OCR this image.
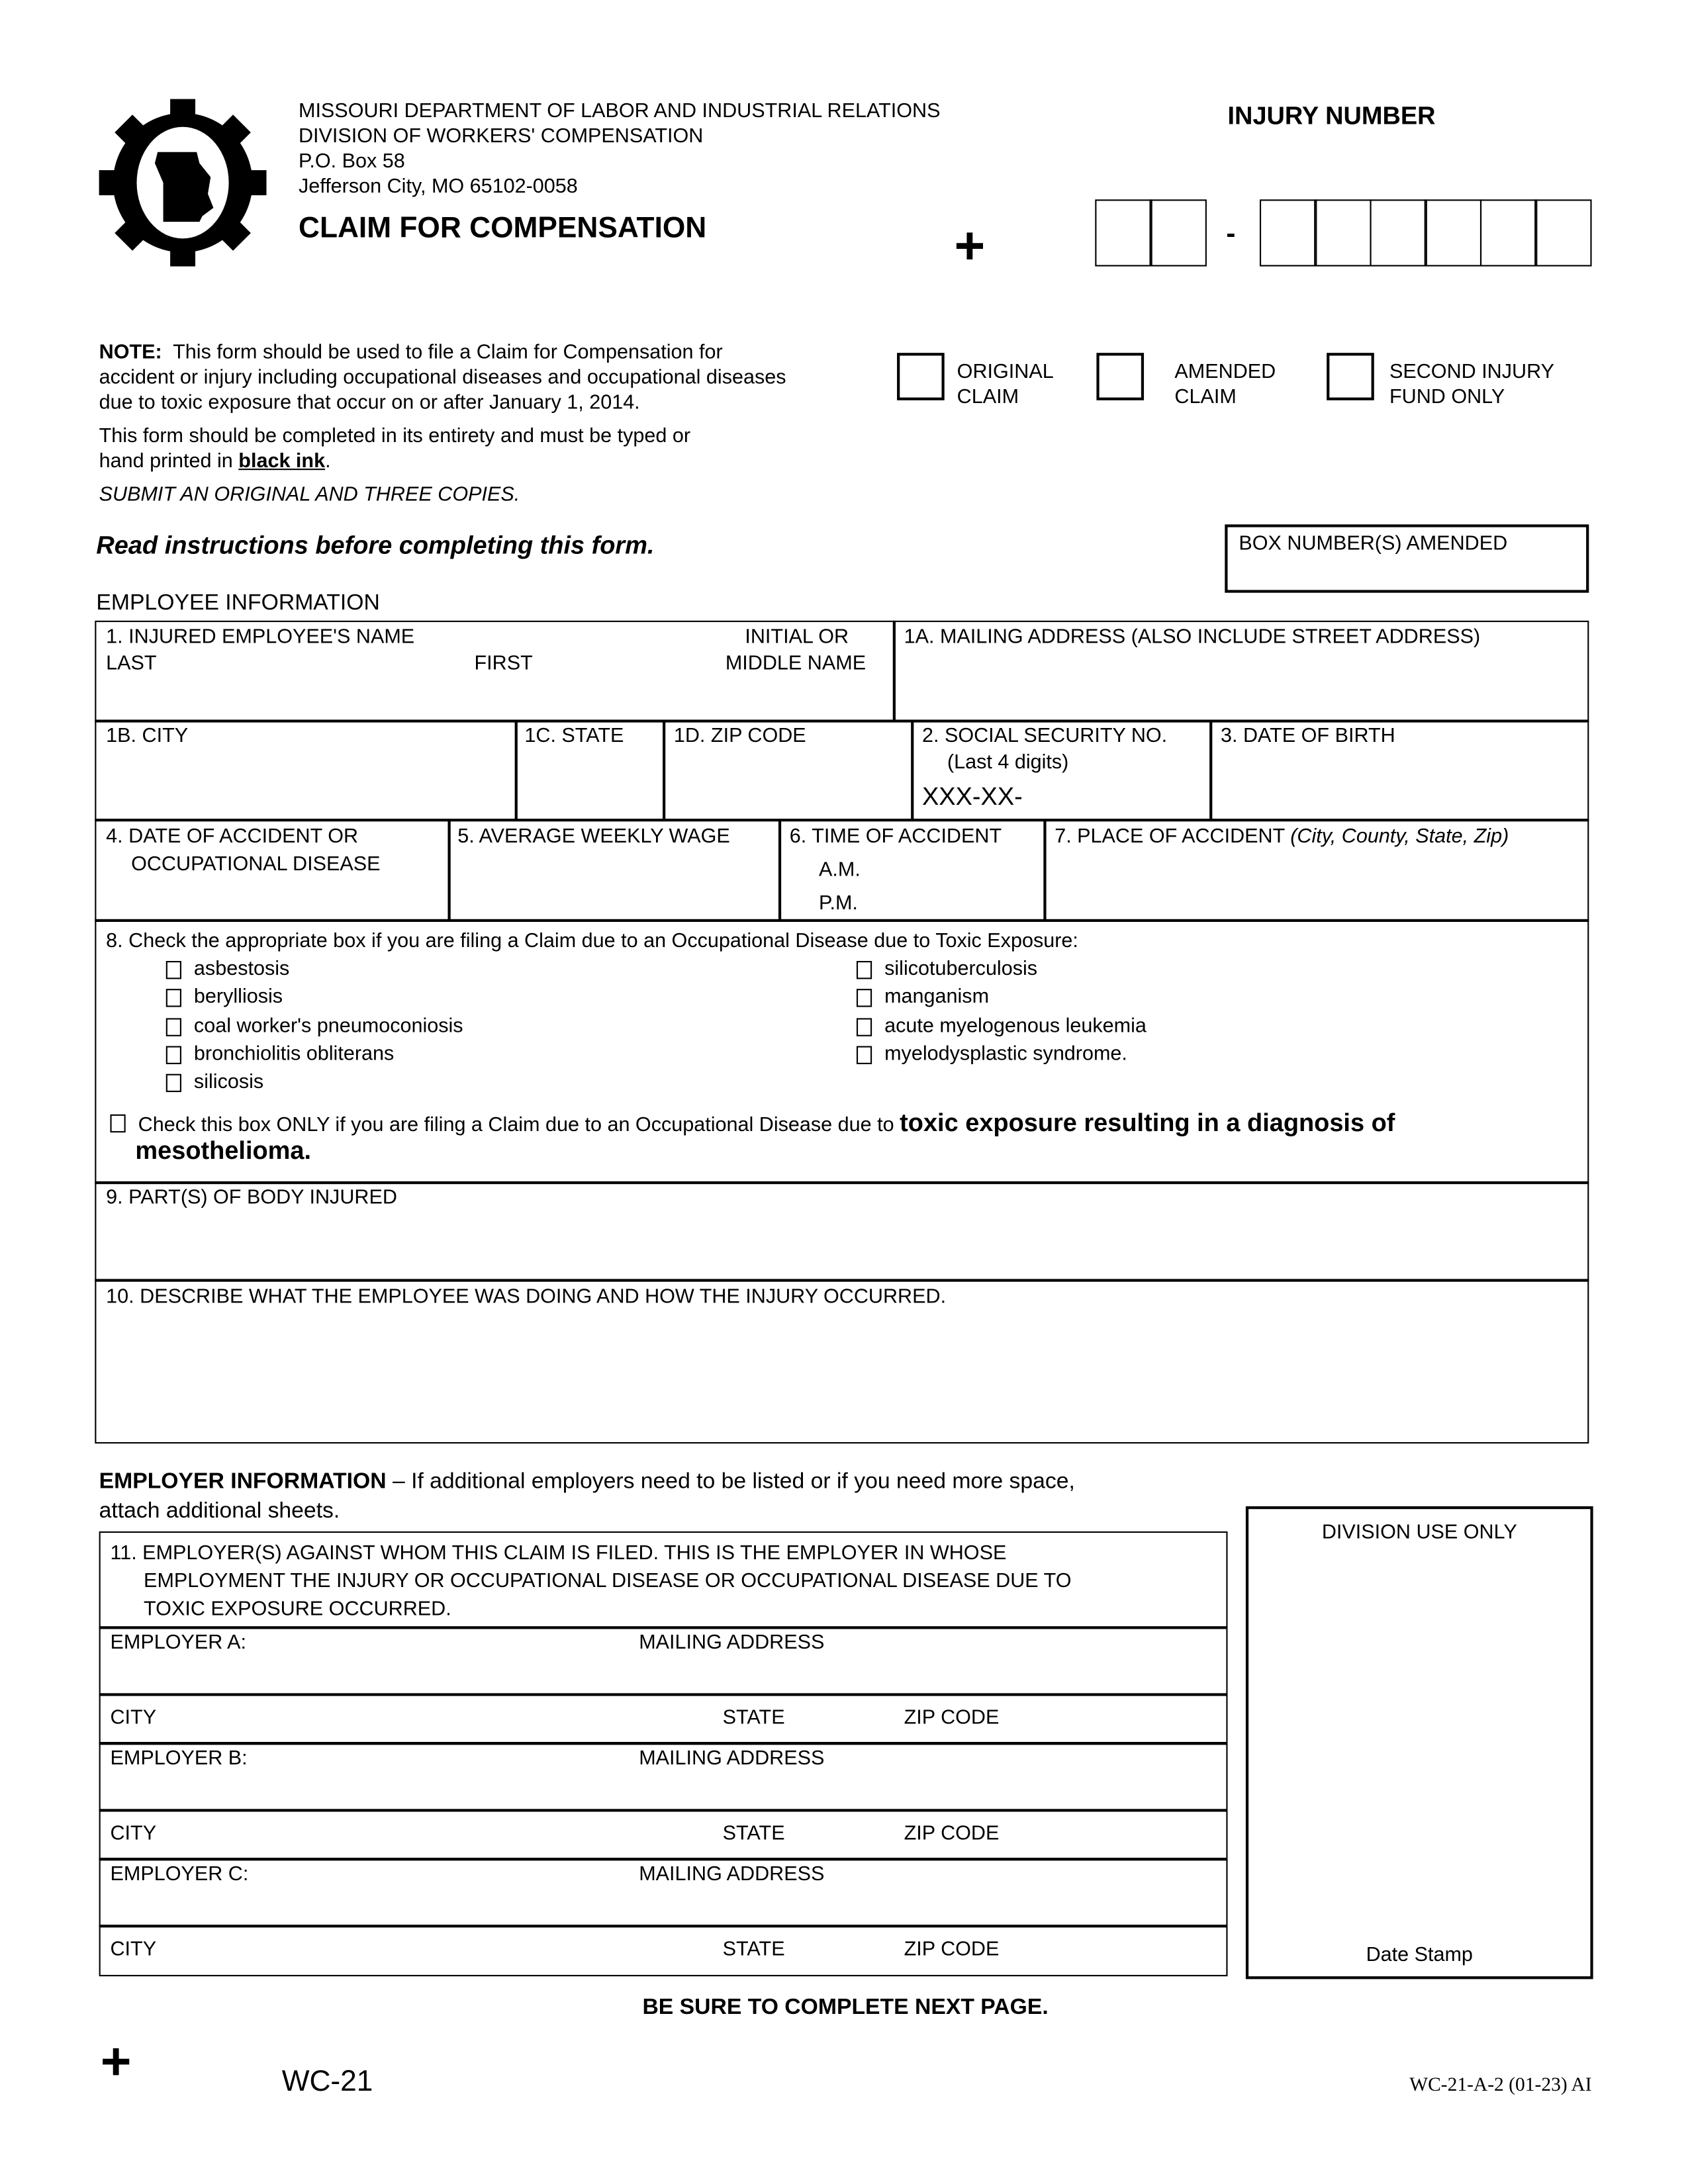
MISSOURI DEPARTMENT OF LABOR AND INDUSTRIAL RELATIONS
DIVISION OF WORKERS' COMPENSATION
P.O. Box 58
Jefferson City, MO 65102-0058
CLAIM FOR COMPENSATION
INJURY NUMBER
+	-
NOTE: This form should be used to file a Claim for Compensation for
accident or injury including occupational diseases and occupational diseases
due to toxic exposure that occur on or after January 1, 2014.
This form should be completed in its entirety and must be typed or
hand printed in black ink.
SUBMIT AN ORIGINAL AND THREE COPIES.
Read instructions before completing this form.
ORIGINAL
CLAIM
AMENDED
CLAIM
SECOND INJURY
FUND ONLY
BOX NUMBER(S) AMENDED
EMPLOYEE INFORMATION
1. INJURED EMPLOYEE'S NAME
LAST	FIRST
INITIAL OR
MIDDLE NAME
1A. MAILING ADDRESS (ALSO INCLUDE STREET ADDRESS)
1B. CITY	1C. STATE	1D. ZIP CODE	2. SOCIAL SECURITY NO.
(Last 4 digits)
XXX-XX-
3. DATE OF BIRTH
4. DATE OF ACCIDENT OR
OCCUPATIONAL DISEASE
5. AVERAGE WEEKLY WAGE	6. TIME OF ACCIDENT
A.M.
P.M.
7. PLACE OF ACCIDENT (City, County, State, Zip)
8. Check the appropriate box if you are filing a Claim due to an Occupational Disease due to Toxic Exposure:
asbestosis
berylliosis
coal worker's pneumoconiosis
bronchiolitis obliterans
silicosis
silicotuberculosis
manganism
acute myelogenous leukemia
myelodysplastic syndrome.
Check this box ONLY if you are filing a Claim due to an Occupational Disease due to toxic exposure resulting in a diagnosis of
mesothelioma.
9. PART(S) OF BODY INJURED
10. DESCRIBE WHAT THE EMPLOYEE WAS DOING AND HOW THE INJURY OCCURRED.
EMPLOYER INFORMATION – If additional employers need to be listed or if you need more space,
attach additional sheets.
11. EMPLOYER(S) AGAINST WHOM THIS CLAIM IS FILED. THIS IS THE EMPLOYER IN WHOSE
EMPLOYMENT THE INJURY OR OCCUPATIONAL DISEASE OR OCCUPATIONAL DISEASE DUE TO
TOXIC EXPOSURE OCCURRED.
EMPLOYER A:	MAILING ADDRESS
CITY	STATE	ZIP CODE
EMPLOYER B:	MAILING ADDRESS
CITY	STATE	ZIP CODE
EMPLOYER C:	MAILING ADDRESS
CITY	STATE	ZIP CODE
DIVISION USE ONLY
Date Stamp
BE SURE TO COMPLETE NEXT PAGE.
+	WC-21	WC-21-A-2 (01-23) AI
